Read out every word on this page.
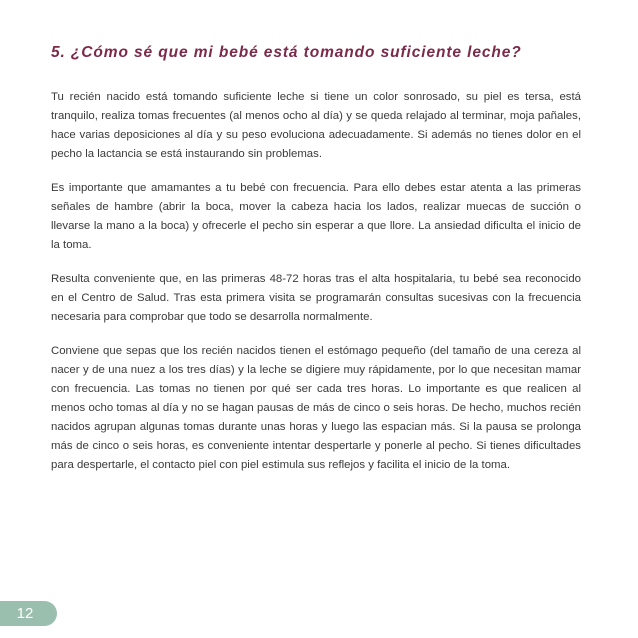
5. ¿Cómo sé que mi bebé está tomando suficiente leche?

Tu recién nacido está tomando suficiente leche si tiene un color sonrosado, su piel es tersa, está tranquilo, realiza tomas frecuentes (al menos ocho al día) y se queda relajado al terminar, moja pañales, hace varias deposiciones al día y su peso evoluciona adecuadamente. Si además no tienes dolor en el pecho la lactancia se está instaurando sin problemas.

Es importante que amamantes a tu bebé con frecuencia. Para ello debes estar atenta a las primeras señales de hambre (abrir la boca, mover la cabeza hacia los lados, realizar muecas de succión o llevarse la mano a la boca) y ofrecerle el pecho sin esperar a que llore. La ansiedad dificulta el inicio de la toma.

Resulta conveniente que, en las primeras 48-72 horas tras el alta hospitalaria, tu bebé sea reconocido en el Centro de Salud. Tras esta primera visita se programarán consultas sucesivas con la frecuencia necesaria para comprobar que todo se desarrolla normalmente.

Conviene que sepas que los recién nacidos tienen el estómago pequeño (del tamaño de una cereza al nacer y de una nuez a los tres días) y la leche se digiere muy rápidamente, por lo que necesitan mamar con frecuencia. Las tomas no tienen por qué ser cada tres horas. Lo importante es que realicen al menos ocho tomas al día y no se hagan pausas de más de cinco o seis horas. De hecho, muchos recién nacidos agrupan algunas tomas durante unas horas y luego las espacian más. Si la pausa se prolonga más de cinco o seis horas, es conveniente intentar despertarle y ponerle al pecho. Si tienes dificultades para despertarle, el contacto piel con piel estimula sus reflejos y facilita el inicio de la toma.

12
